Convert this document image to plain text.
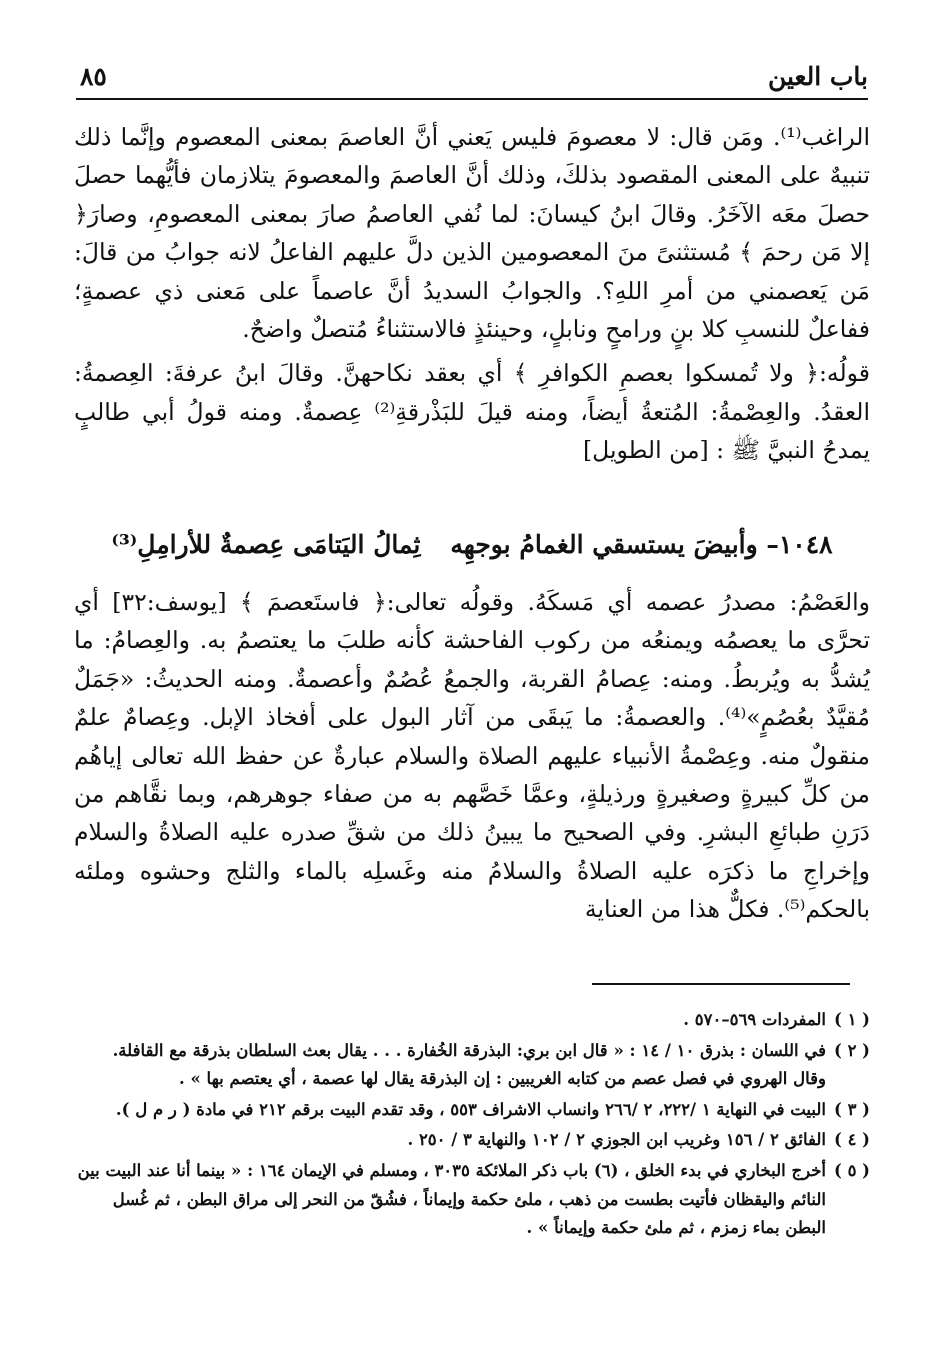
باب العين
٨٥

الراغب⁽¹⁾. ومَن قال: لا معصومَ فليس يَعني أنَّ العاصمَ بمعنى المعصوم وإنَّما ذلك تنبيهٌ على المعنى المقصود بذلكَ، وذلك أنَّ العاصمَ والمعصومَ يتلازمان فأيُّهما حصلَ حصلَ معَه الآخَرُ. وقالَ ابنُ كيسانَ: لما نُفي العاصمُ صارَ بمعنى المعصومِ، وصارَ﴿ إلا مَن رحمَ ﴾ مُستثنىً منَ المعصومين الذين دلَّ عليهم الفاعلُ لانه جوابُ من قالَ: مَن يَعصمني من أمرِ اللهِ؟. والجوابُ السديدُ أنَّ عاصماً على مَعنى ذي عصمةٍ؛ ففاعلٌ للنسبِ كلا بنٍ ورامحٍ ونابلٍ، وحينئذٍ فالاستثناءُ مُتصلٌ واضحٌ.

قولُه:﴿ ولا تُمسكوا بعصمِ الكوافرِ ﴾ أي بعقد نكاحهنَّ. وقالَ ابنُ عرفةَ: العِصمةُ: العقدُ. والعِصْمةُ: المُتعةُ أيضاً، ومنه قيلَ للبَذْرقةِ⁽²⁾ عِصمةٌ. ومنه قولُ أبي طالبٍ يمدحُ النبيَّ ﷺ : [من الطويل]

١٠٤٨– وأبيضَ يستسقي الغمامُ بوجهِهثِمالُ اليَتامَى عِصمةٌ للأرامِلِ⁽³⁾

والعَصْمُ: مصدرُ عصمه أي مَسكَهُ. وقولُه تعالى:﴿ فاستَعصمَ ﴾ [يوسف:٣٢] أي تحرَّى ما يعصمُه ويمنعُه من ركوب الفاحشة كأنه طلبَ ما يعتصمُ به. والعِصامُ: ما يُشدُّ به ويُربطُ. ومنه: عِصامُ القربة، والجمعُ عُصُمٌ وأعصمةٌ. ومنه الحديثُ: «جَمَلٌ مُقيَّدٌ بعُصُمٍ»⁽⁴⁾. والعصمةُ: ما يَبقَى من آثار البول على أفخاذ الإبل. وعِصامٌ علمٌ منقولٌ منه. وعِصْمةُ الأنبياء عليهم الصلاة والسلام عبارةٌ عن حفظ الله تعالى إياهُم من كلِّ كبيرةٍ وصغيرةٍ ورذيلةٍ، وعمَّا خَصَّهم به من صفاء جوهرهم، وبما نقَّاهم من دَرَنِ طبائعِ البشرِ. وفي الصحيح ما يبينُ ذلك من شقِّ صدره عليه الصلاةُ والسلام وإخراجِ ما ذكرَه عليه الصلاةُ والسلامُ منه وغَسلِه بالماء والثلج وحشوه وملئه بالحكم⁽⁵⁾. فكلٌّ هذا من العناية

( ١ )المفردات ٥٦٩–٥٧٠ .

( ٢ )في اللسان : بذرق ١٠ / ١٤ : « قال ابن بري: البذرقة الخُفارة . . . يقال بعث السلطان بذرقة مع القافلة. وقال الهروي في فصل عصم من كتابه الغريبين : إن البذرقة يقال لها عصمة ، أي يعتصم بها » .

( ٣ )البيت في النهاية ١ /٢٢٢، ٢ /٢٦٦ وانساب الاشراف ٥٥٣ ، وقد تقدم البيت برقم ٢١٢ في مادة ( ر م ل ).

( ٤ )الفائق ٢ / ١٥٦ وغريب ابن الجوزي ٢ / ١٠٢ والنهاية ٣ / ٢٥٠ .

( ٥ )أخرج البخاري في بدء الخلق ، (٦) باب ذكر الملائكة ٣٠٣٥ ، ومسلم في الإيمان ١٦٤ : « بينما أنا عند البيت بين النائم واليقظان فأتيت بطست من ذهب ، ملئ حكمة وإيماناً ، فشُقّ من النحر إلى مراق البطن ، ثم غُسل البطن بماء زمزم ، ثم ملئ حكمة وإيماناً » .
